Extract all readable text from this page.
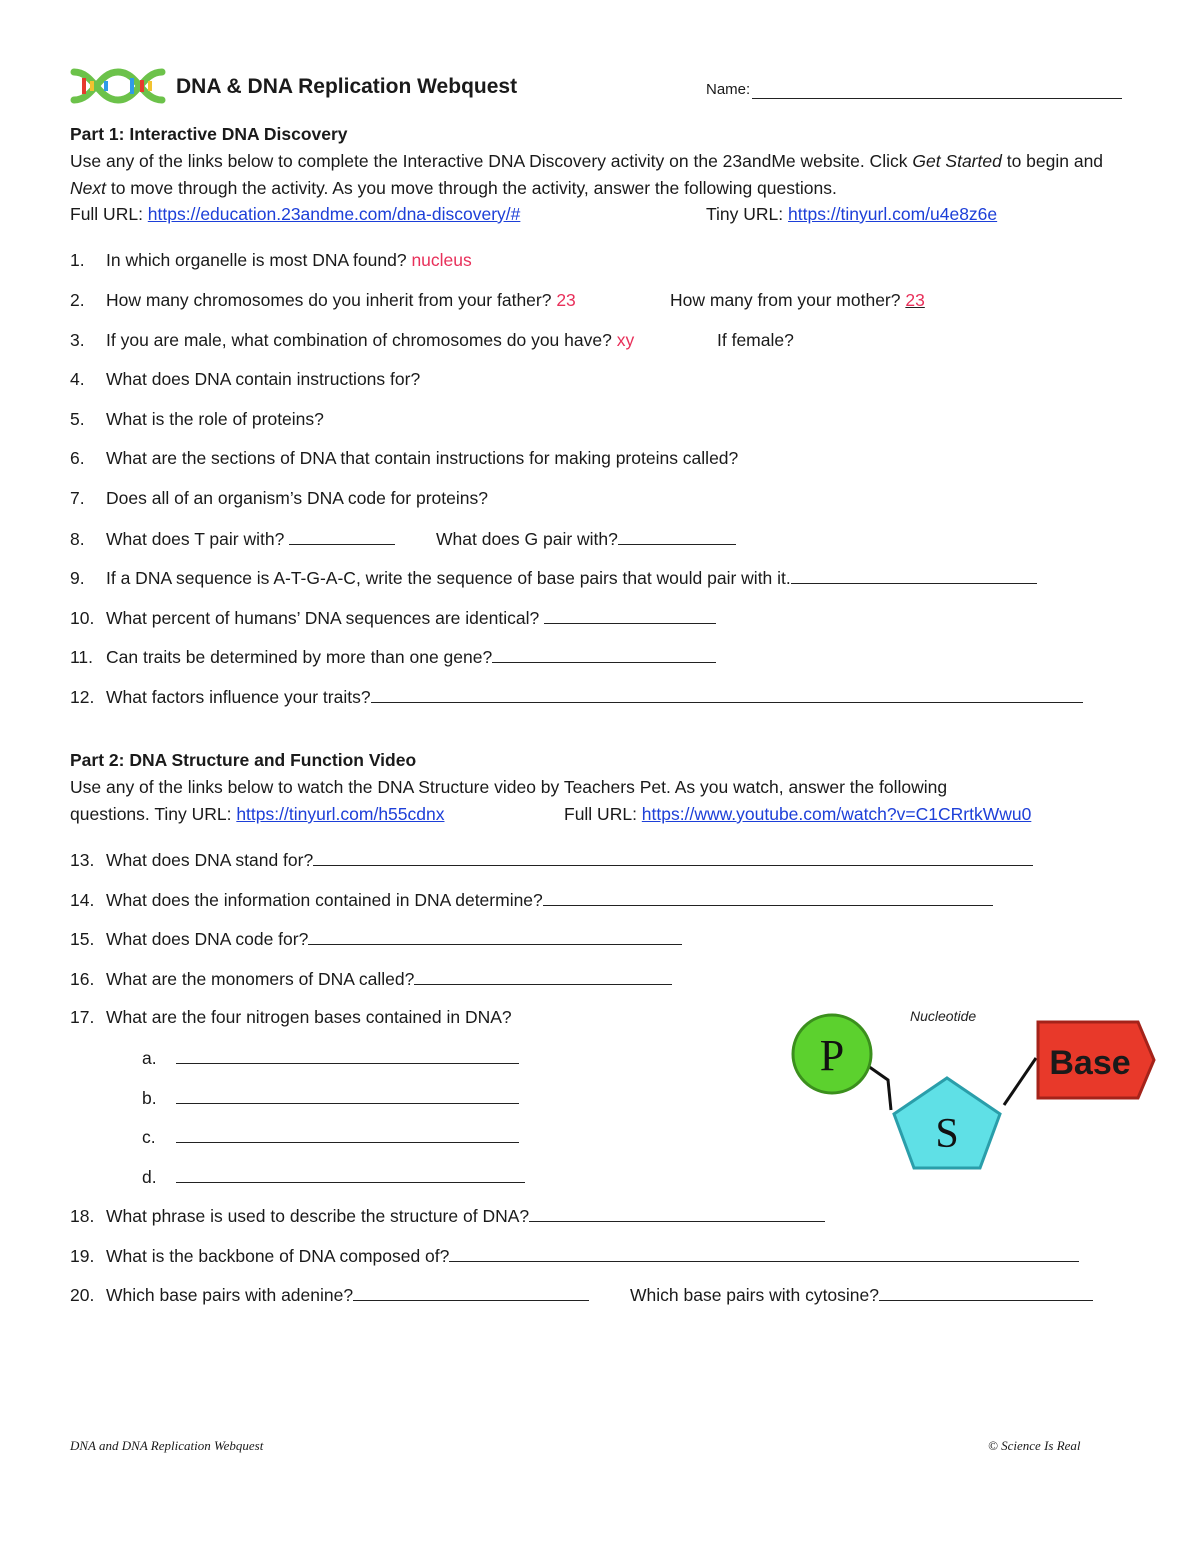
DNA & DNA Replication Webquest	Name:
Part 1: Interactive DNA Discovery
Use any of the links below to complete the Interactive DNA Discovery activity on the 23andMe website. Click Get Started to begin and Next to move through the activity. As you move through the activity, answer the following questions.
Full URL: https://education.23andme.com/dna-discovery/#	Tiny URL: https://tinyurl.com/u4e8z6e
1. In which organelle is most DNA found? nucleus
2. How many chromosomes do you inherit from your father? 23	How many from your mother? 23
3. If you are male, what combination of chromosomes do you have? xy	If female?
4. What does DNA contain instructions for?
5. What is the role of proteins?
6. What are the sections of DNA that contain instructions for making proteins called?
7. Does all of an organism’s DNA code for proteins?
8. What does T pair with?	What does G pair with?
9. If a DNA sequence is A-T-G-A-C, write the sequence of base pairs that would pair with it.
10. What percent of humans’ DNA sequences are identical?
11. Can traits be determined by more than one gene?
12. What factors influence your traits?
Part 2: DNA Structure and Function Video
Use any of the links below to watch the DNA Structure video by Teachers Pet. As you watch, answer the following
questions. Tiny URL: https://tinyurl.com/h55cdnx	Full URL: https://www.youtube.com/watch?v=C1CRrtkWwu0
13. What does DNA stand for?
14. What does the information contained in DNA determine?
15. What does DNA code for?
16. What are the monomers of DNA called?
17. What are the four nitrogen bases contained in DNA?
a.
b.
c.
d.
18. What phrase is used to describe the structure of DNA?
19. What is the backbone of DNA composed of?
20. Which base pairs with adenine?	Which base pairs with cytosine?
Nucleotide
P
S
Base
DNA and DNA Replication Webquest	© Science Is Real
